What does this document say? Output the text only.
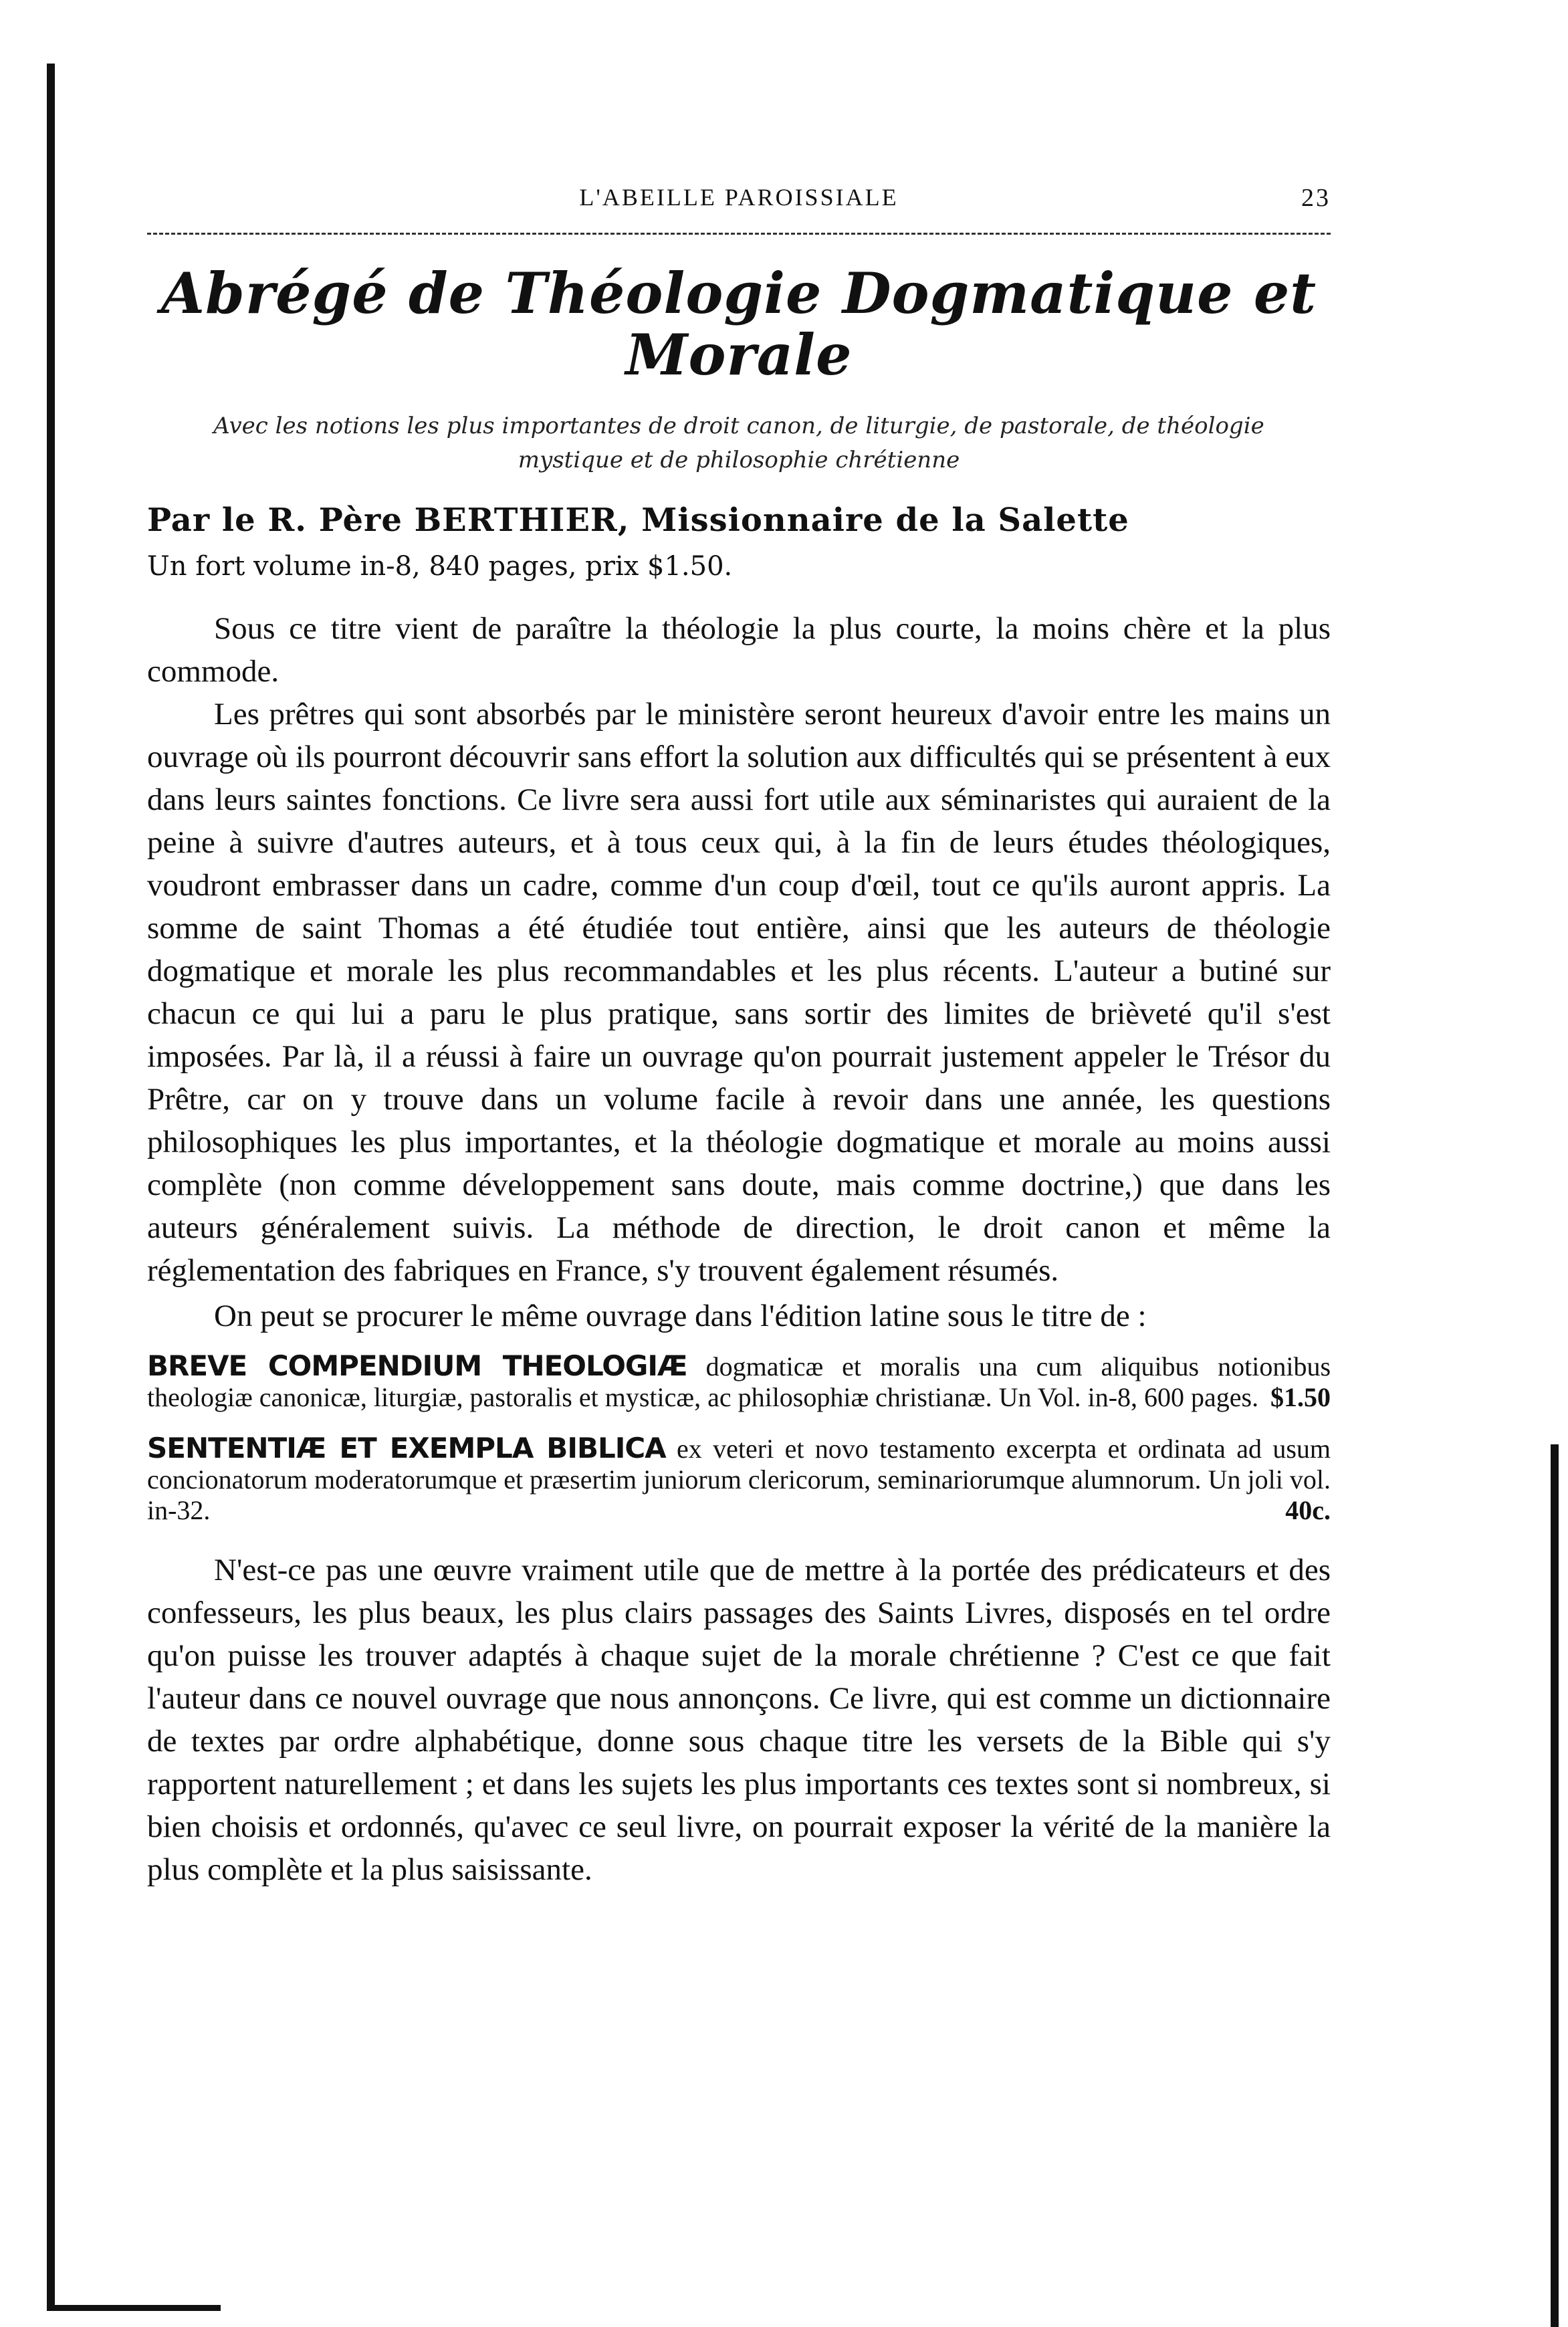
L'ABEILLE PAROISSIALE	23
Abrégé de Théologie Dogmatique et Morale
Avec les notions les plus importantes de droit canon, de liturgie, de pastorale, de théologie mystique et de philosophie chrétienne
Par le R. Père BERTHIER, Missionnaire de la Salette
Un fort volume in-8, 840 pages, prix $1.50.

Sous ce titre vient de paraître la théologie la plus courte, la moins chère et la plus commode.

Les prêtres qui sont absorbés par le ministère seront heureux d'avoir entre les mains un ouvrage où ils pourront découvrir sans effort la solution aux difficultés qui se présentent à eux dans leurs saintes fonctions. Ce livre sera aussi fort utile aux séminaristes qui auraient de la peine à suivre d'autres auteurs, et à tous ceux qui, à la fin de leurs études théologiques, voudront embrasser dans un cadre, comme d'un coup d'œil, tout ce qu'ils auront appris. La somme de saint Thomas a été étudiée tout entière, ainsi que les auteurs de théologie dogmatique et morale les plus recommandables et les plus récents. L'auteur a butiné sur chacun ce qui lui a paru le plus pratique, sans sortir des limites de brièveté qu'il s'est imposées. Par là, il a réussi à faire un ouvrage qu'on pourrait justement appeler le Trésor du Prêtre, car on y trouve dans un volume facile à revoir dans une année, les questions philosophiques les plus importantes, et la théologie dogmatique et morale au moins aussi complète (non comme développement sans doute, mais comme doctrine,) que dans les auteurs généralement suivis. La méthode de direction, le droit canon et même la réglementation des fabriques en France, s'y trouvent également résumés.

On peut se procurer le même ouvrage dans l'édition latine sous le titre de :

BREVE COMPENDIUM THEOLOGIÆ dogmaticæ et moralis una cum aliquibus notionibus theologiæ canonicæ, liturgiæ, pastoralis et mysticæ, ac philosophiæ christianæ. Un Vol. in-8, 600 pages. $1.50
SENTENTIÆ ET EXEMPLA BIBLICA ex veteri et novo testamento excerpta et ordinata ad usum concionatorum moderatorumque et præsertim juniorum clericorum, seminariorumque alumnorum. Un joli vol. in-32.	40c.

N'est-ce pas une œuvre vraiment utile que de mettre à la portée des prédicateurs et des confesseurs, les plus beaux, les plus clairs passages des Saints Livres, disposés en tel ordre qu'on puisse les trouver adaptés à chaque sujet de la morale chrétienne ? C'est ce que fait l'auteur dans ce nouvel ouvrage que nous annonçons. Ce livre, qui est comme un dictionnaire de textes par ordre alphabétique, donne sous chaque titre les versets de la Bible qui s'y rapportent naturellement ; et dans les sujets les plus importants ces textes sont si nombreux, si bien choisis et ordonnés, qu'avec ce seul livre, on pourrait exposer la vérité de la manière la plus complète et la plus saisissante.
